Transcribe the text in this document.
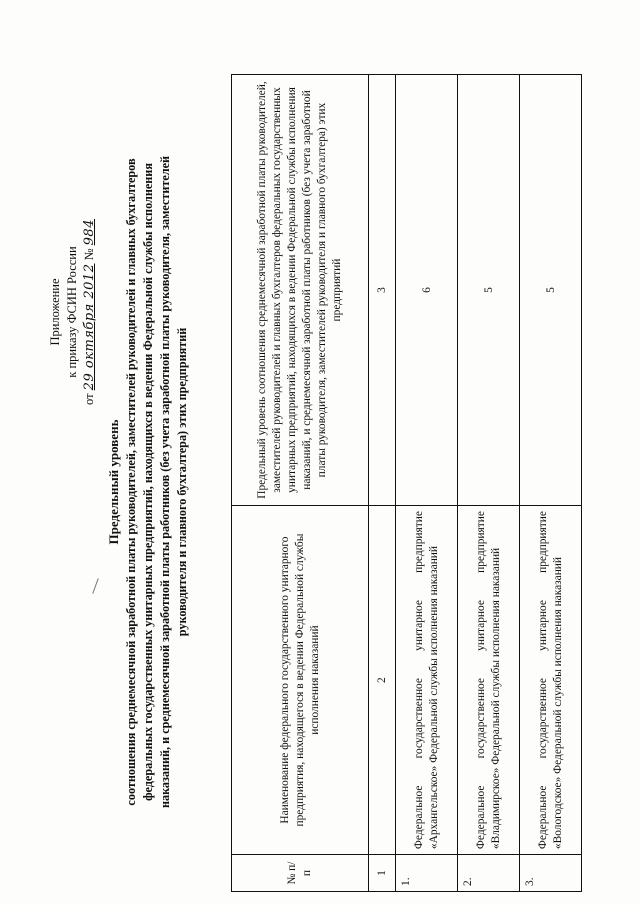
Приложение к приказу ФСИН России
от 29 октября 2012 № 984
Предельный уровень соотношения среднемесячной заработной платы руководителей, заместителей руководителей и главных бухгалтеров федеральных государственных унитарных предприятий, находящихся в ведении Федеральной службы исполнения наказаний, и среднемесячной заработной платы работников (без учета заработной платы руководителя, заместителей руководителя и главного бухгалтера) этих предприятий
№ п/п	Наименование федерального государственного унитарного предприятия, находящегося в ведении Федеральной службы исполнения наказаний	Предельный уровень соотношения среднемесячной заработной платы руководителей, заместителей руководителей и главных бухгалтеров федеральных государственных унитарных предприятий, находящихся в ведении Федеральной службы исполнения наказаний, и среднемесячной заработной платы работников (без учета заработной платы руководителя, заместителей руководителя и главного бухгалтера) этих предприятий
1	2	3
1.	Федеральное государственное унитарное предприятие «Архангельское» Федеральной службы исполнения наказаний	6
2.	Федеральное государственное унитарное предприятие «Владимирское» Федеральной службы исполнения наказаний	5
3.	Федеральное государственное унитарное предприятие «Вологодское» Федеральной службы исполнения наказаний	5
